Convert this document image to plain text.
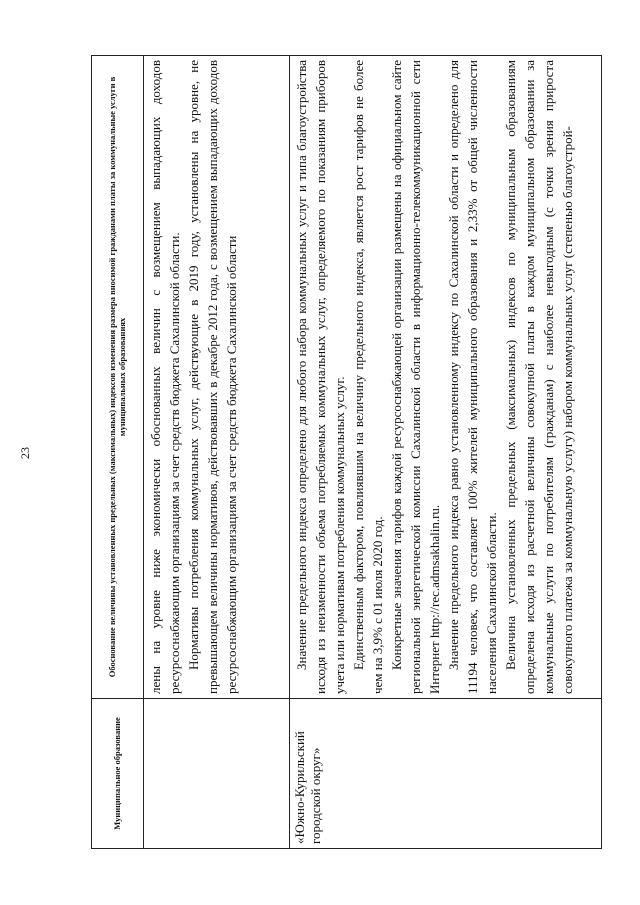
23
Муниципальное образование	Обоснование величины установленных предельных (максимальных) индексов изменения размера вносимой гражданами платы за коммунальные услуги в муниципальных образованиях

	лены на уровне ниже экономически обоснованных величин с возмещением выпадающих доходов ресурсоснабжающим организациям за счет средств бюджета Сахалинской области. Нормативы потребления коммунальных услуг, действующие в 2019 году, установлены на уровне, не превышающем величины нормативов, действовавших в декабре 2012 года, с возмещением выпадающих доходов ресурсоснабжающим организациям за счет средств бюджета Сахалинской области

«Южно-Курильский городской округ»	Значение предельного индекса определено для любого набора коммунальных услуг и типа благоустройства исходя из неизменности объема потребляемых коммунальных услуг, определяемого по показаниям приборов учета или нормативам потребления коммунальных услуг. Единственным фактором, повлиявшим на величину предельного индекса, является рост тарифов не более чем на 3,9% с 01 июля 2020 год. Конкретные значения тарифов каждой ресурсоснабжающей организации размещены на официальном сайте региональной энергетической комиссии Сахалинской области в информационно-телекоммуникационной сети Интернет http://rec.admsakhalin.ru. Значение предельного индекса равно установленному индексу по Сахалинской области и определено для 11194 человек, что составляет 100% жителей муниципального образования и 2,33% от общей численности населения Сахалинской области. Величина установленных предельных (максимальных) индексов по муниципальным образованиям определена исходя из расчетной величины совокупной платы в каждом муниципальном образовании за коммунальные услуги по потребителям (гражданам) с наиболее невыгодным (с точки зрения прироста совокупного платежа за коммунальную услугу) набором коммунальных услуг (степенью благоустрой-
